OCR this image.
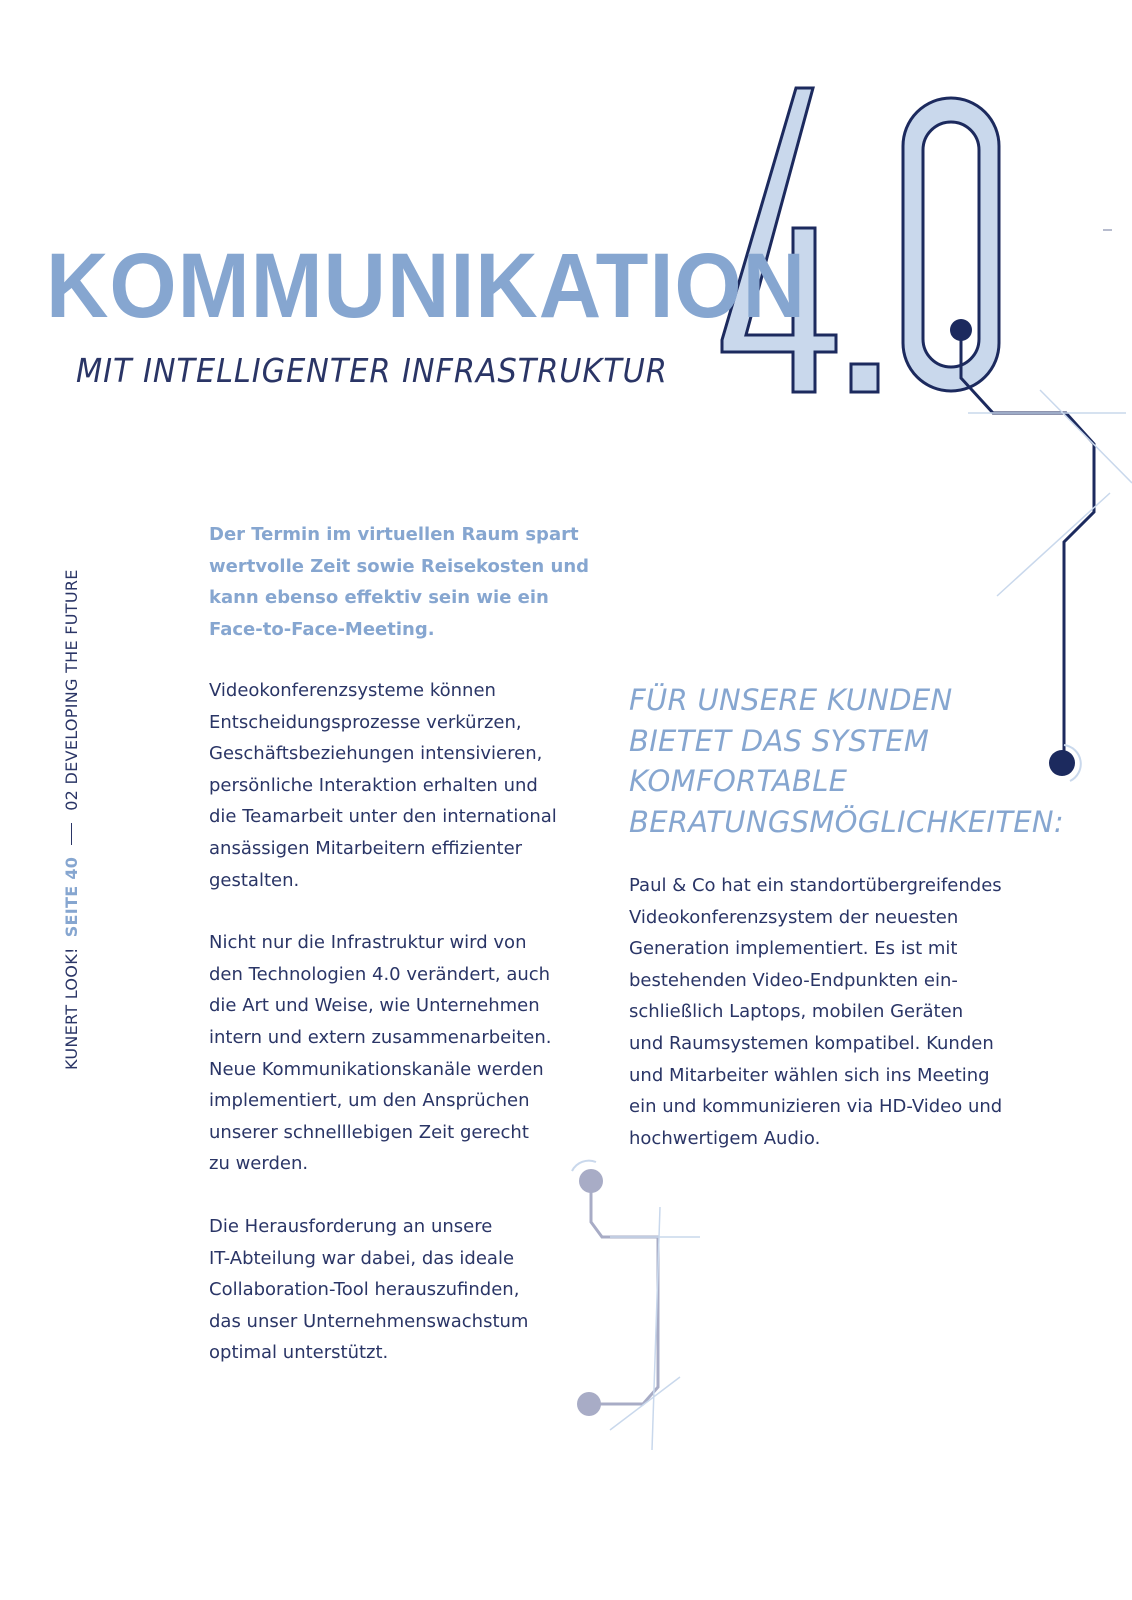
KOMMUNIKATION
MIT INTELLIGENTER INFRASTRUKTUR
KUNERT LOOK!
SEITE 40
02 DEVELOPING THE FUTURE

Der Termin im virtuellen Raum spart
wertvolle Zeit sowie Reisekosten und
kann ebenso effektiv sein wie ein
Face-to-Face-Meeting.

Videokonferenzsysteme können
Entscheidungsprozesse verkürzen,
Geschäftsbeziehungen intensivieren,
persönliche Interaktion erhalten und
die Teamarbeit unter den international
ansässigen Mitarbeitern effizienter
gestalten.

Nicht nur die Infrastruktur wird von
den Technologien 4.0 verändert, auch
die Art und Weise, wie Unternehmen
intern und extern zusammenarbeiten.
Neue Kommunikationskanäle werden
implementiert, um den Ansprüchen
unserer schnelllebigen Zeit gerecht
zu werden.

Die Herausforderung an unsere
IT-Abteilung war dabei, das ideale
Collaboration-Tool herauszufinden,
das unser Unternehmenswachstum
optimal unterstützt.

FÜR UNSERE KUNDEN
BIETET DAS SYSTEM
KOMFORTABLE
BERATUNGSMÖGLICHKEITEN:

Paul & Co hat ein standortübergreifendes
Videokonferenzsystem der neuesten
Generation implementiert. Es ist mit
bestehenden Video-Endpunkten ein-
schließlich Laptops, mobilen Geräten
und Raumsystemen kompatibel. Kunden
und Mitarbeiter wählen sich ins Meeting
ein und kommunizieren via HD-Video und
hochwertigem Audio.
